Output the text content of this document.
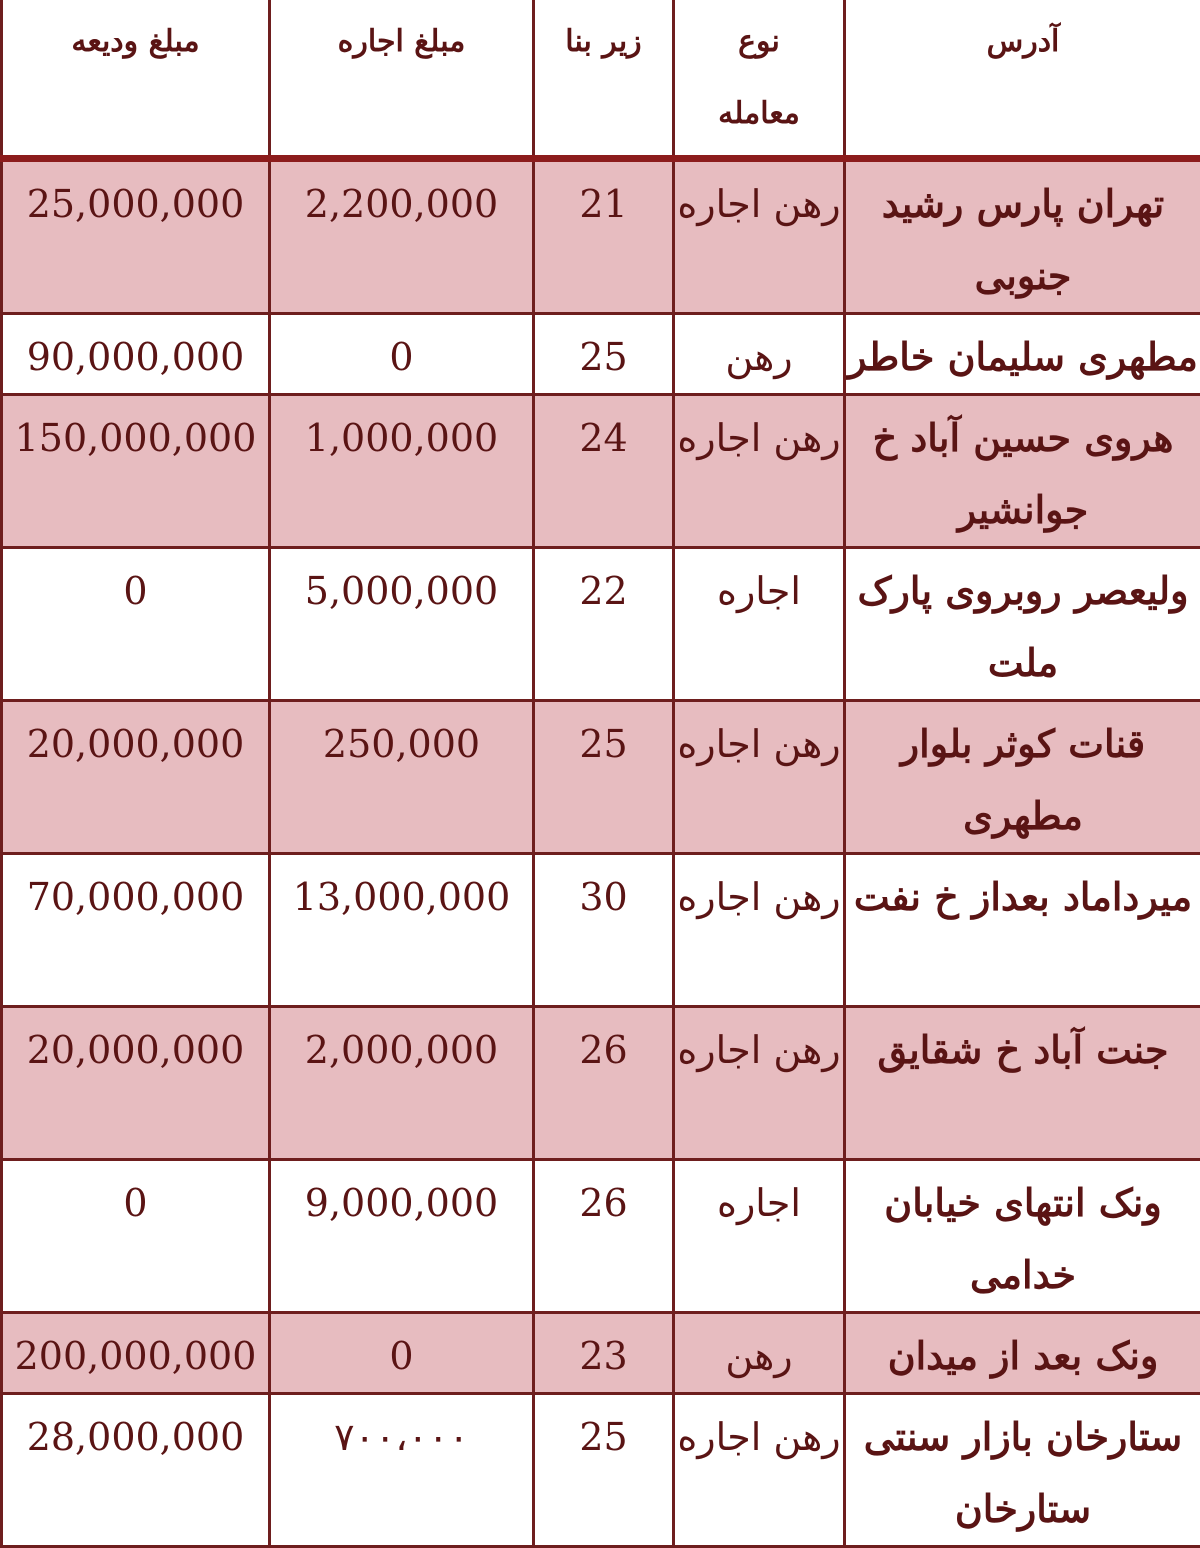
آدرس	نوع معامله	زیر بنا	مبلغ اجاره	مبلغ ودیعه
تهران پارس رشید جنوبی	رهن اجاره	21	2,200,000	25,000,000
مطهری سلیمان خاطر	رهن	25	0	90,000,000
هروی حسین آباد خ جوانشیر	رهن اجاره	24	1,000,000	150,000,000
ولیعصر روبروی پارک ملت	اجاره	22	5,000,000	0
قنات کوثر بلوار مطهری	رهن اجاره	25	250,000	20,000,000
میرداماد بعداز خ نفت	رهن اجاره	30	13,000,000	70,000,000
جنت آباد خ شقایق	رهن اجاره	26	2,000,000	20,000,000
ونک انتهای خیابان خدامی	اجاره	26	9,000,000	0
ونک بعد از میدان	رهن	23	0	200,000,000
ستارخان بازار سنتی ستارخان	رهن اجاره	25	۷۰۰،۰۰۰	28,000,000
